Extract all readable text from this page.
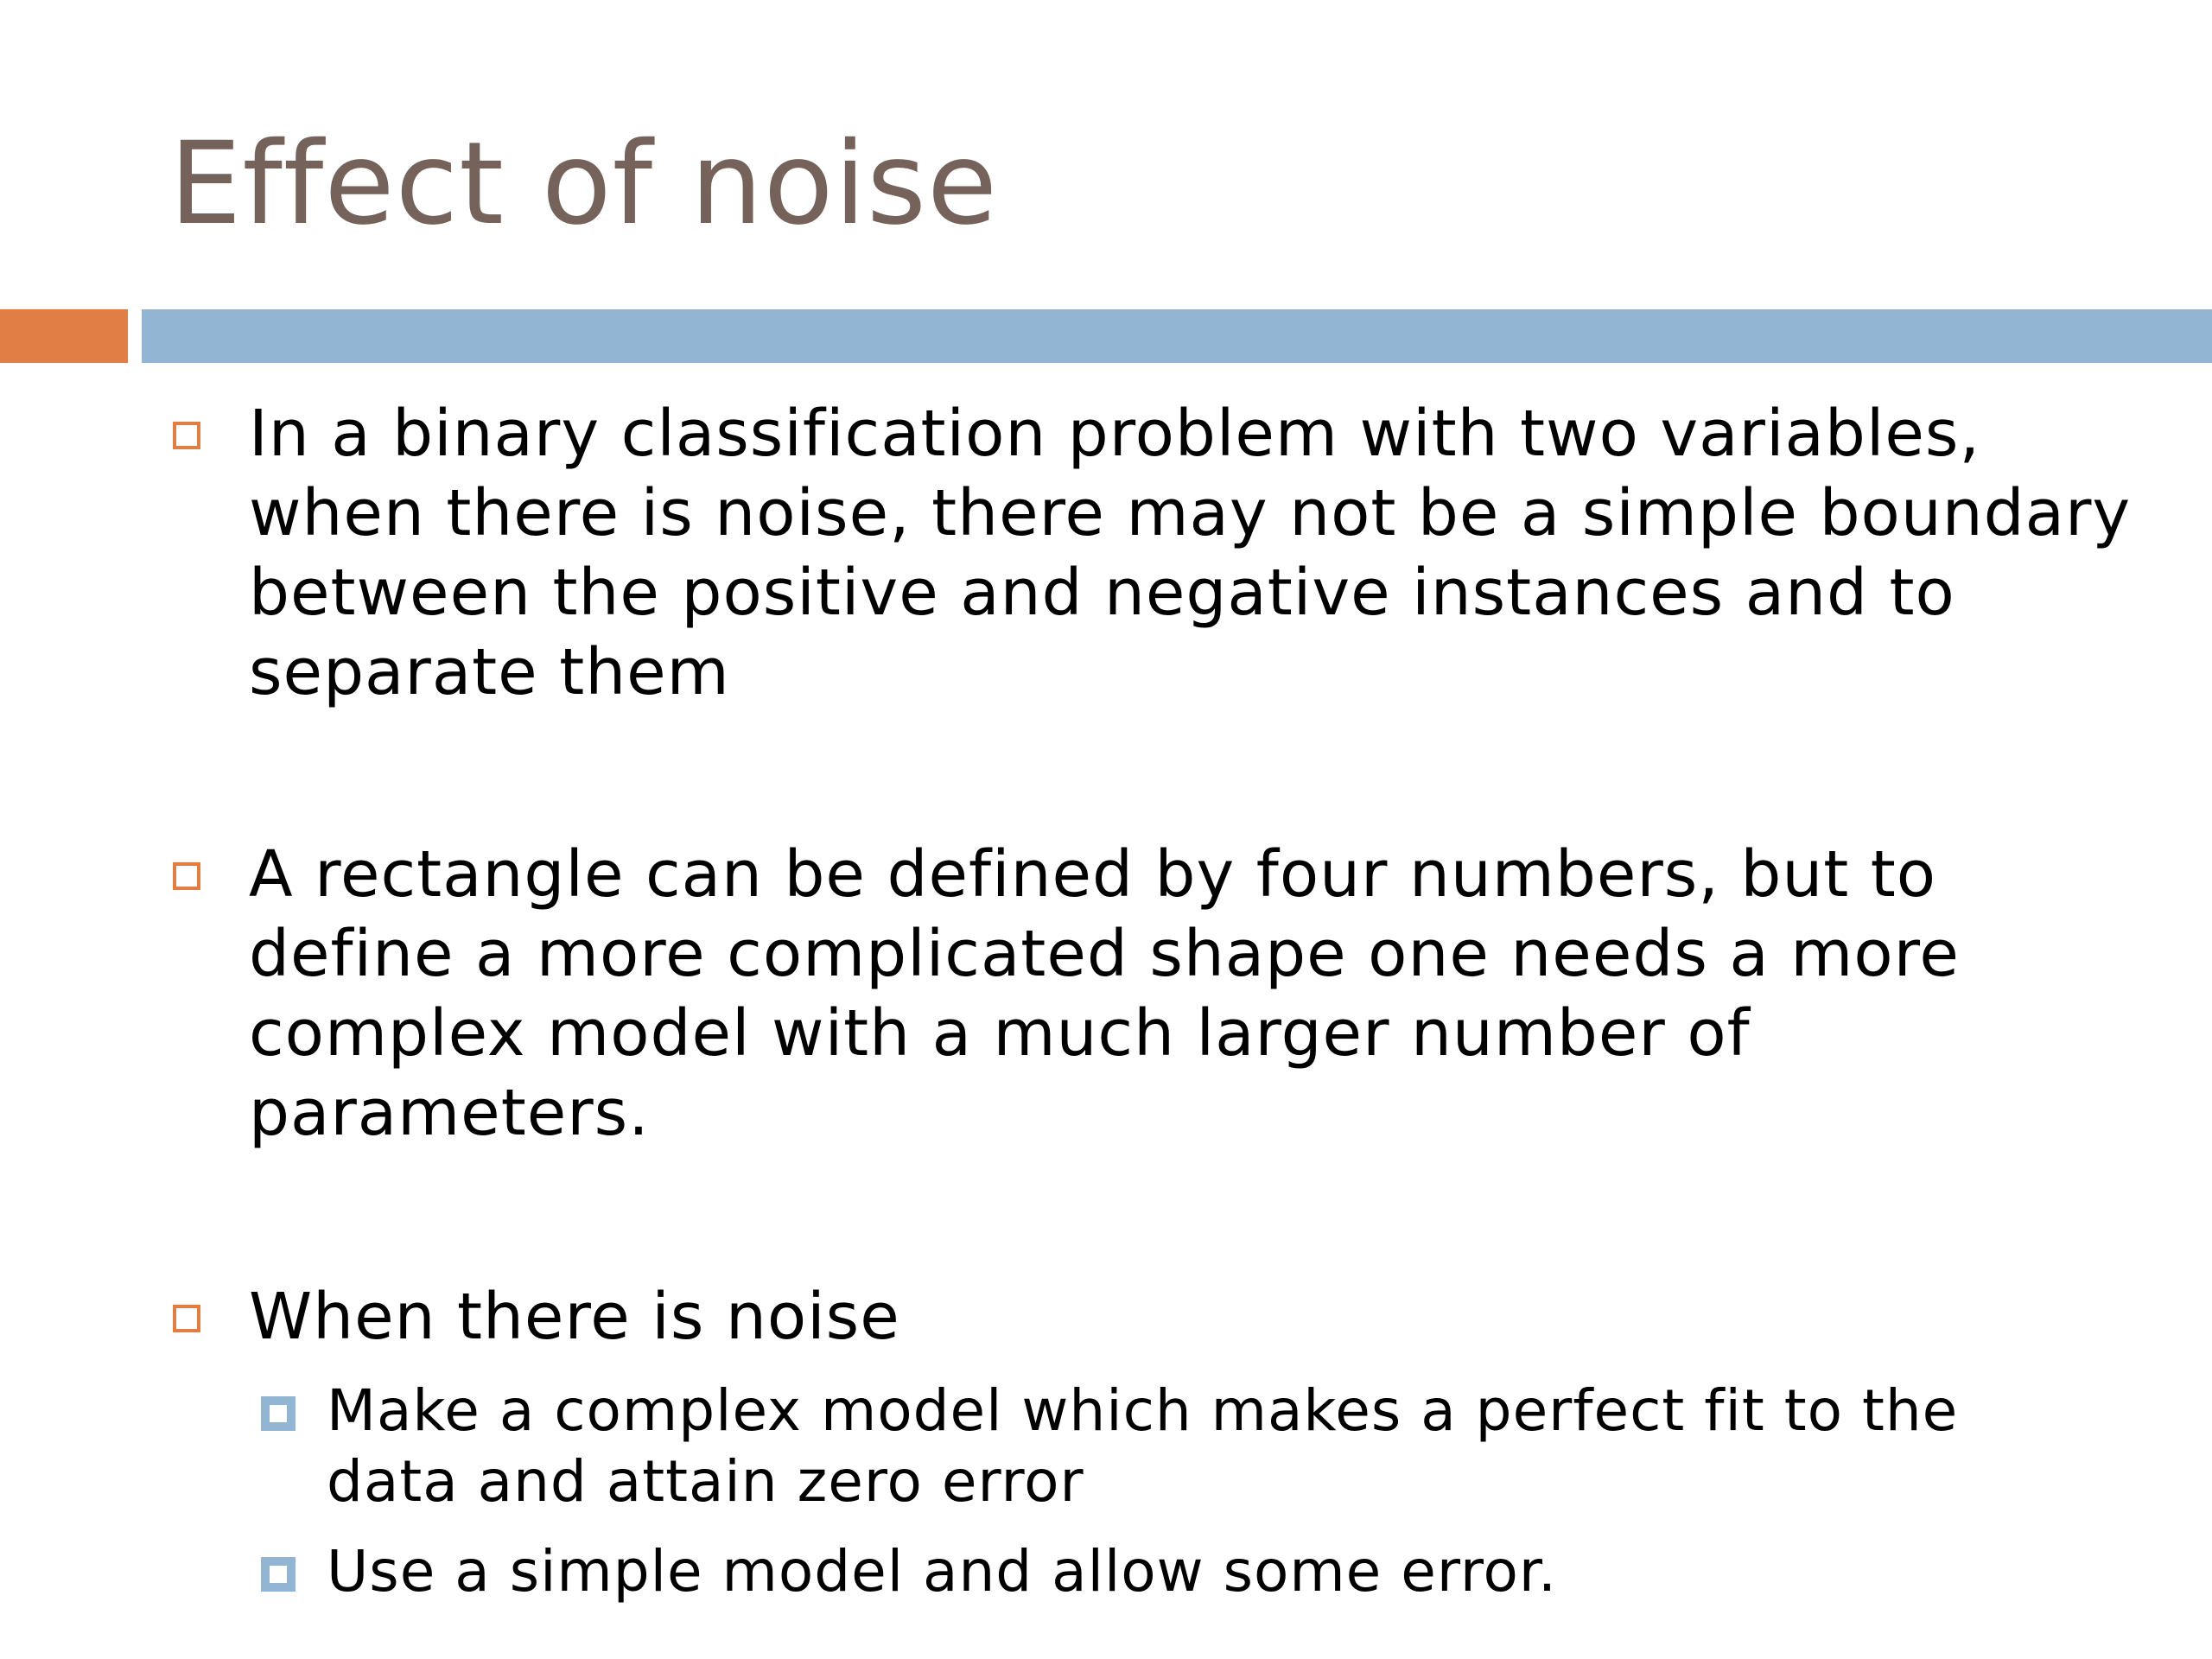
Effect of noise
In a binary classification problem with two variables, when there is noise, there may not be a simple boundary between the positive and negative instances and to separate them
A rectangle can be defined by four numbers, but to define a more complicated shape one needs a more complex model with a much larger number of parameters.
When there is noise
Make a complex model which makes a perfect fit to the data and attain zero error
Use a simple model and allow some error.
